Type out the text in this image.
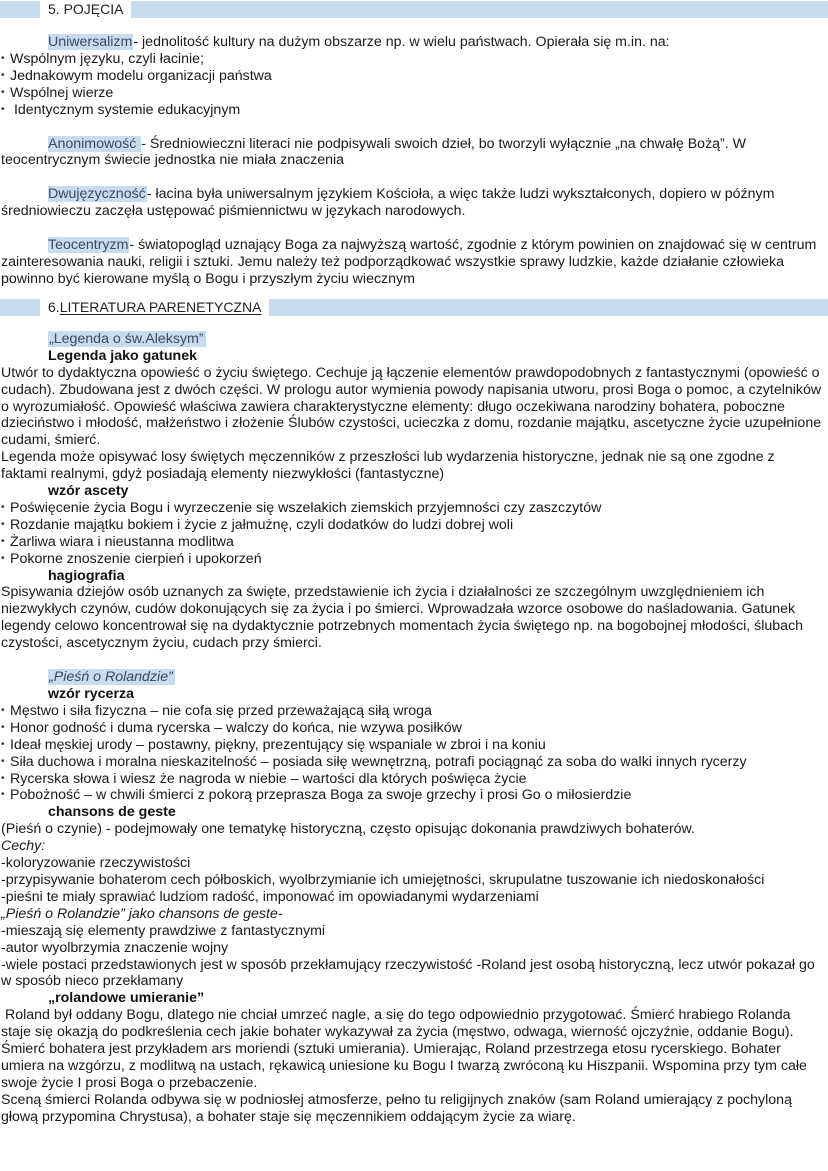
5. POJĘCIA

Uniwersalizm- jednolitość kultury na dużym obszarze np. w wielu państwach. Opierała się m.in. na:

• Wspólnym języku, czyli łacinie;
• Jednakowym modelu organizacji państwa
• Wspólnej wierze
•  Identycznym systemie edukacyjnym

Anonimowość - Średniowieczni literaci nie podpisywali swoich dzieł, bo tworzyli wyłącznie „na chwałę Bożą”. W teocentrycznym świecie jednostka nie miała znaczenia

Dwujęzyczność- łacina była uniwersalnym językiem Kościoła, a więc także ludzi wykształconych, dopiero w późnym średniowieczu zaczęła ustępować piśmiennictwu w językach narodowych.

Teocentryzm- światopogląd uznający Boga za najwyższą wartość, zgodnie z którym powinien on znajdować się w centrum zainteresowania nauki, religii i sztuki. Jemu należy też podporządkować wszystkie sprawy ludzkie, każde działanie człowieka powinno być kierowane myślą o Bogu i przyszłym życiu wiecznym

6.LITERATURA PARENETYCZNA

„Legenda o św.Aleksym”

Legenda jako gatunek

Utwór to dydaktyczna opowieść o życiu świętego. Cechuje ją łączenie elementów prawdopodobnych z fantastycznymi (opowieść o cudach). Zbudowana jest z dwóch części. W prologu autor wymienia powody napisania utworu, prosi Boga o pomoc, a czytelników o wyrozumiałość. Opowieść właściwa zawiera charakterystyczne elementy: długo oczekiwana narodziny bohatera, poboczne dzieciństwo i młodość, małżeństwo i złożenie Ślubów czystości, ucieczka z domu, rozdanie majątku, ascetyczne życie uzupełnione cudami, śmierć.

Legenda może opisywać losy świętych męczenników z przeszłości lub wydarzenia historyczne, jednak nie są one zgodne z faktami realnymi, gdyż posiadają elementy niezwykłości (fantastyczne)

wzór ascety

• Poświęcenie życia Bogu i wyrzeczenie się wszelakich ziemskich przyjemności czy zaszczytów
• Rozdanie majątku bokiem i życie z jałmużnę, czyli dodatków do ludzi dobrej woli
• Żarliwa wiara i nieustanna modlitwa
• Pokorne znoszenie cierpień i upokorzeń

hagiografia

Spisywania dziejów osób uznanych za święte, przedstawienie ich życia i działalności ze szczególnym uwzględnieniem ich niezwykłych czynów, cudów dokonujących się za życia i po śmierci. Wprowadzała wzorce osobowe do naśladowania. Gatunek legendy celowo koncentrował się na dydaktycznie potrzebnych momentach życia świętego np. na bogobojnej młodości, ślubach czystości, ascetycznym życiu, cudach przy śmierci.

„Pieśń o Rolandzie”

wzór rycerza

• Męstwo i siła fizyczna – nie cofa się przed przeważającą siłą wroga
• Honor godność i duma rycerska – walczy do końca, nie wzywa posiłków
• Ideał męskiej urody – postawny, piękny, prezentujący się wspaniale w zbroi i na koniu
• Siła duchowa i moralna nieskazitelność – posiada siłę wewnętrzną, potrafi pociągnąć za soba do walki innych rycerzy
• Rycerska słowa i wiesz że nagroda w niebie – wartości dla których poświęca życie
• Pobożność – w chwili śmierci z pokorą przeprasza Boga za swoje grzechy i prosi Go o miłosierdzie

chansons de geste

(Pieśń o czynie) - podejmowały one tematykę historyczną, często opisując dokonania prawdziwych bohaterów.

Cechy:

-koloryzowanie rzeczywistości

-przypisywanie bohaterom cech półboskich, wyolbrzymianie ich umiejętności, skrupulatne tuszowanie ich niedoskonałości

-pieśni te miały sprawiać ludziom radość, imponować im opowiadanymi wydarzeniami

„Pieśń o Rolandzie” jako chansons de geste-

-mieszają się elementy prawdziwe z fantastycznymi

-autor wyolbrzymia znaczenie wojny

-wiele postaci przedstawionych jest w sposób przekłamujący rzeczywistość -Roland jest osobą historyczną, lecz utwór pokazał go w sposób nieco przekłamany

„rolandowe umieranie”

Roland był oddany Bogu, dlatego nie chciał umrzeć nagle, a się do tego odpowiednio przygotować. Śmierć hrabiego Rolanda staje się okazją do podkreślenia cech jakie bohater wykazywał za życia (męstwo, odwaga, wierność ojczyźnie, oddanie Bogu). Śmierć bohatera jest przykładem ars moriendi (sztuki umierania). Umierając, Roland przestrzega etosu rycerskiego. Bohater umiera na wzgórzu, z modlitwą na ustach, rękawicą uniesione ku Bogu I twarzą zwróconą ku Hiszpanii. Wspomina przy tym całe swoje życie I prosi Boga o przebaczenie.

Sceną śmierci Rolanda odbywa się w podniosłej atmosferze, pełno tu religijnych znaków (sam Roland umierający z pochyloną głową przypomina Chrystusa), a bohater staje się męczennikiem oddającym życie za wiarę.
